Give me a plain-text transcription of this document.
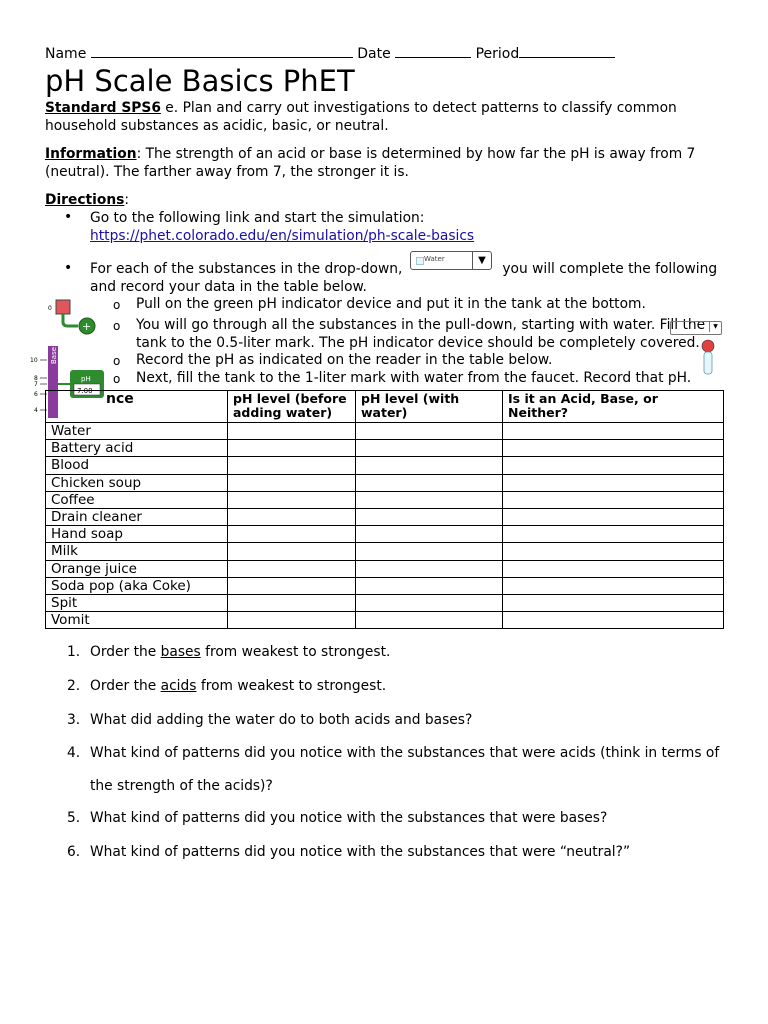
Name	Date	Period
pH Scale Basics PhET
Standard SPS6 e. Plan and carry out investigations to detect patterns to classify common household substances as acidic, basic, or neutral.
Information: The strength of an acid or base is determined by how far the pH is away from 7 (neutral). The farther away from 7, the stronger it is.
Directions:
• Go to the following link and start the simulation:
https://phet.colorado.edu/en/simulation/ph-scale-basics
• For each of the substances in the drop-down,	you will complete the following and record your data in the table below.
Water	▼
o Pull on the green pH indicator device and put it in the tank at the bottom.
o You will go through all the substances in the pull-down, starting with water. Fill the tank to the 0.5-liter mark. The pH indicator device should be completely covered.
o Record the pH as indicated on the reader in the table below.
o Next, fill the tank to the 1-liter mark with water from the faucet. Record that pH.
0
+
Base
10
8
7
6
4
pH
7.00
▼
nce	pH level (before adding water)	pH level (with water)	Is it an Acid, Base, or Neither?
Water			
Battery acid			
Blood			
Chicken soup			
Coffee			
Drain cleaner			
Hand soap			
Milk			
Orange juice			
Soda pop (aka Coke)			
Spit			
Vomit			
1. Order the bases from weakest to strongest.
2. Order the acids from weakest to strongest.
3. What did adding the water do to both acids and bases?
4. What kind of patterns did you notice with the substances that were acids (think in terms of the strength of the acids)?
5. What kind of patterns did you notice with the substances that were bases?
6. What kind of patterns did you notice with the substances that were “neutral?”
